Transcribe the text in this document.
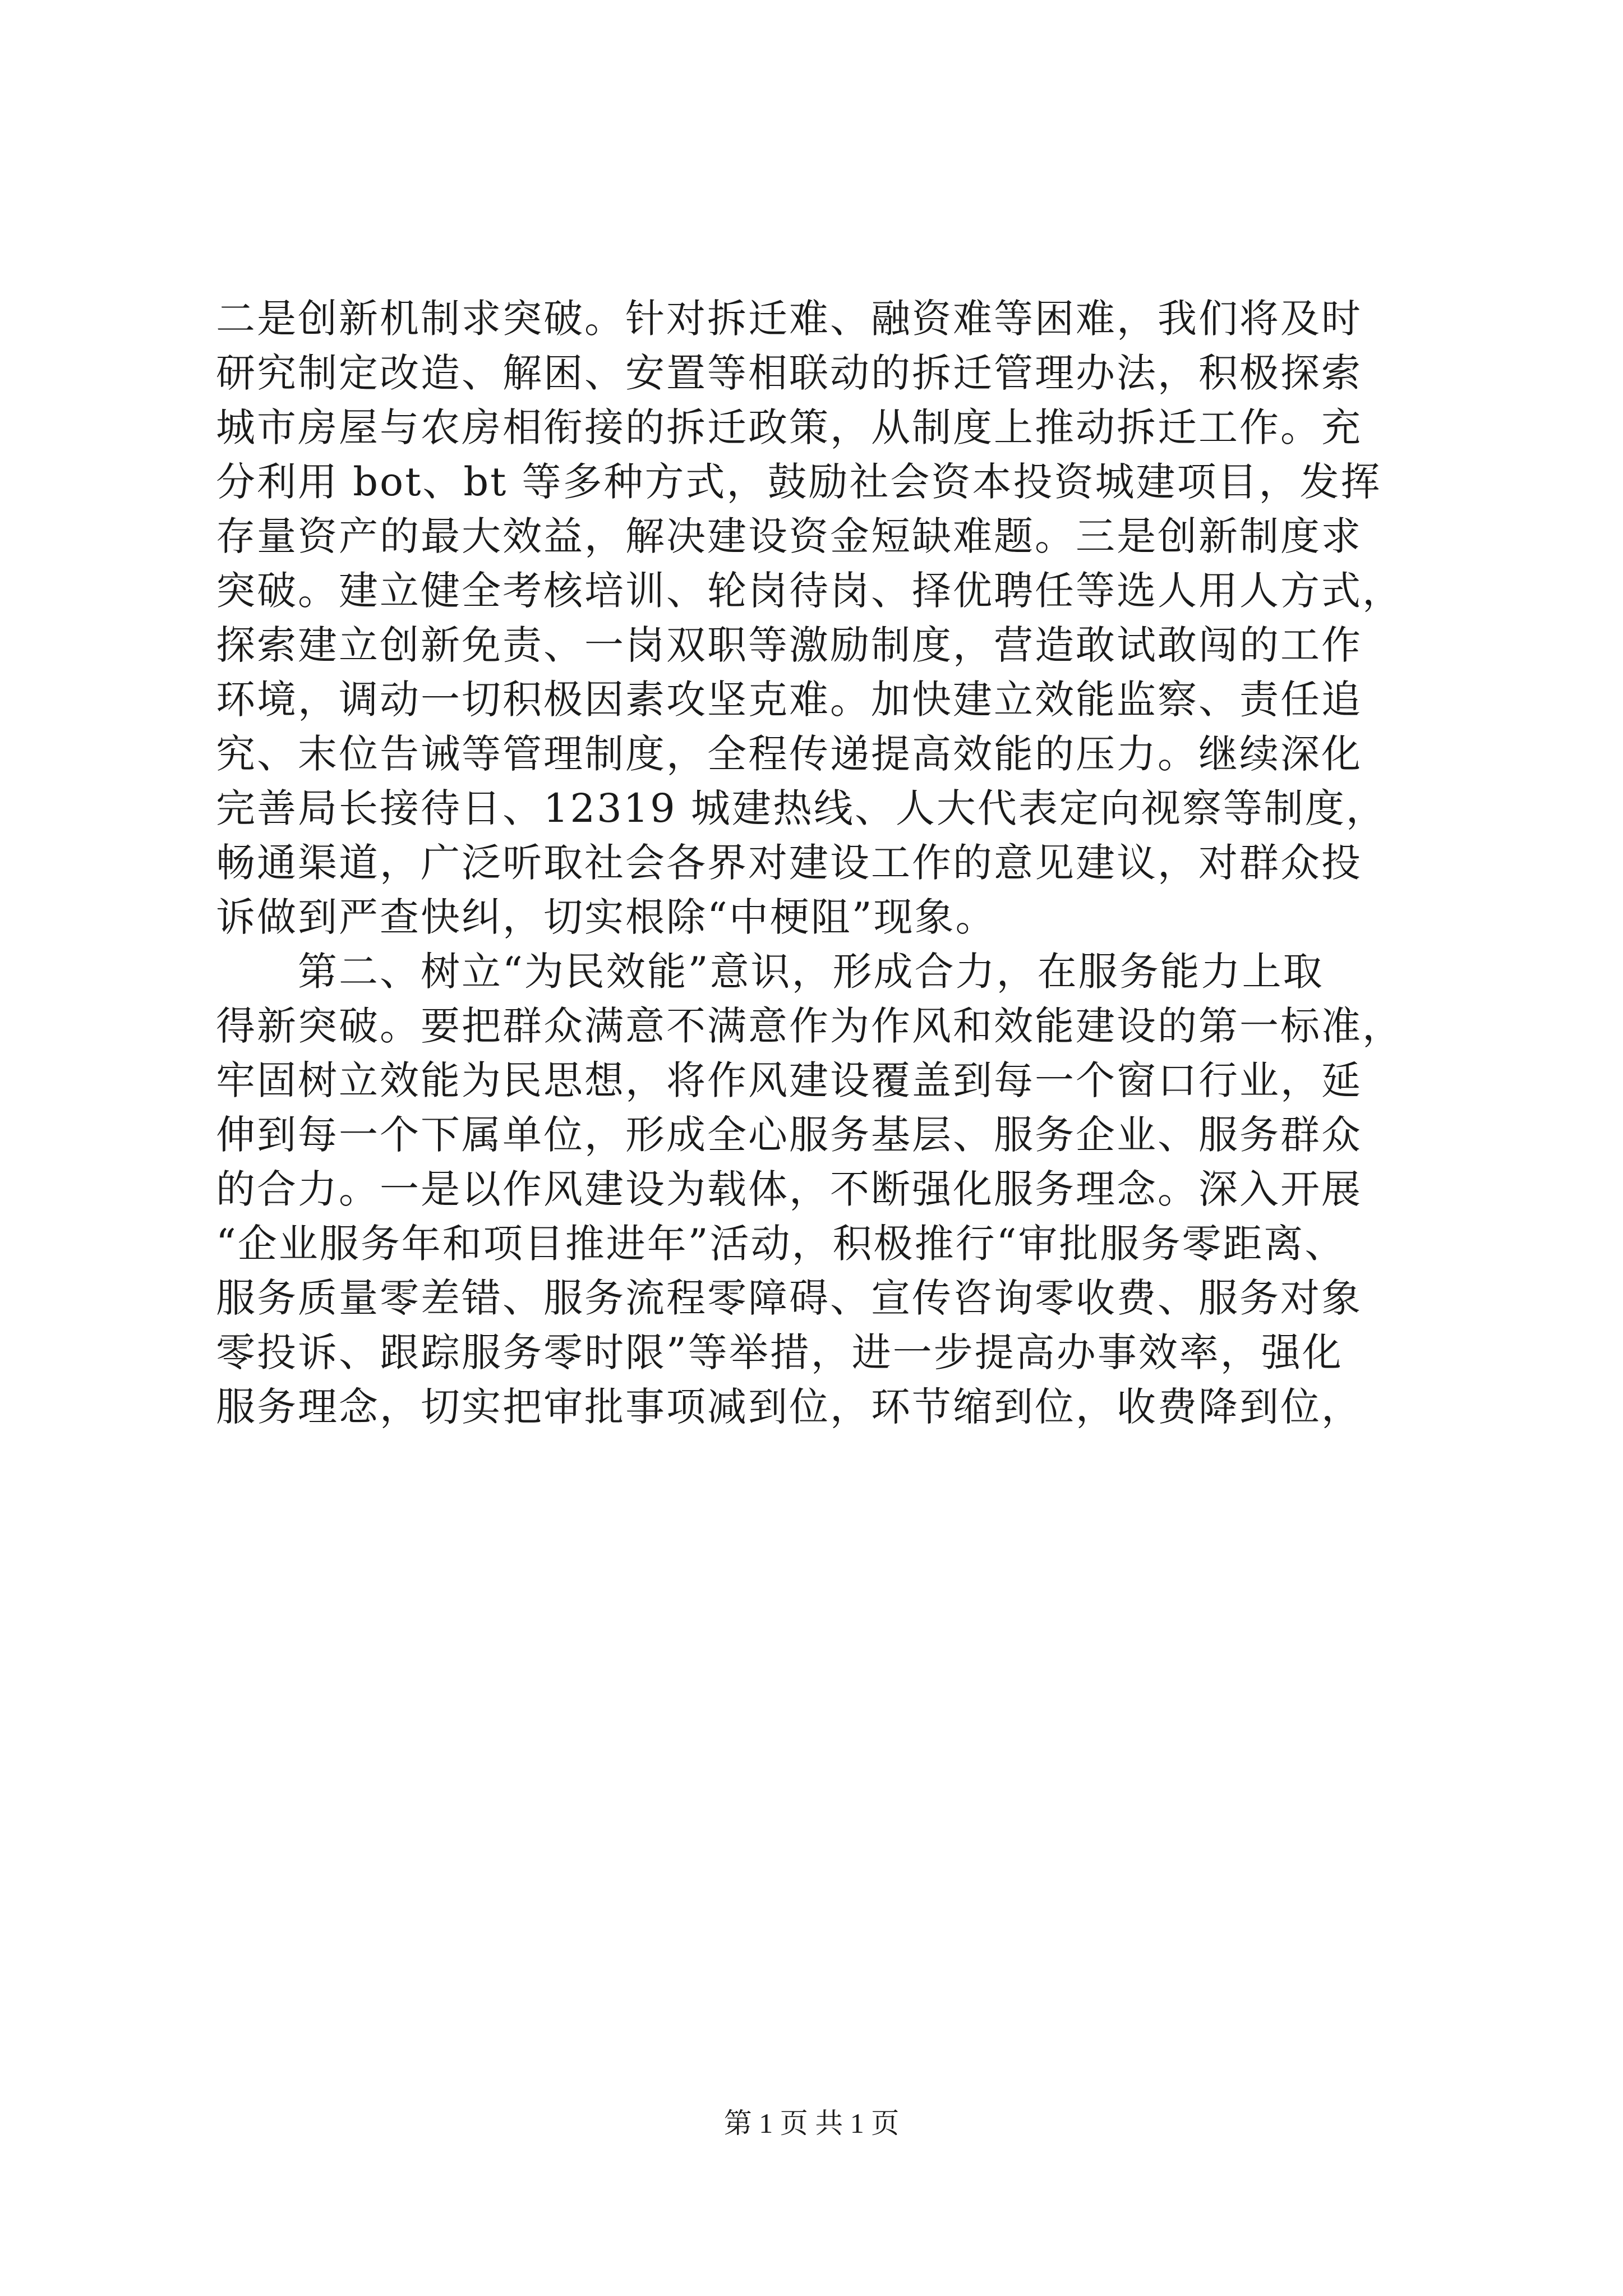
二是创新机制求突破。针对拆迁难、融资难等困难，我们将及时
研究制定改造、解困、安置等相联动的拆迁管理办法，积极探索
城市房屋与农房相衔接的拆迁政策，从制度上推动拆迁工作。充
分利用 bot、bt 等多种方式，鼓励社会资本投资城建项目，发挥
存量资产的最大效益，解决建设资金短缺难题。三是创新制度求
突破。建立健全考核培训、轮岗待岗、择优聘任等选人用人方式，
探索建立创新免责、一岗双职等激励制度，营造敢试敢闯的工作
环境，调动一切积极因素攻坚克难。加快建立效能监察、责任追
究、末位告诫等管理制度，全程传递提高效能的压力。继续深化
完善局长接待日、12319 城建热线、人大代表定向视察等制度，
畅通渠道，广泛听取社会各界对建设工作的意见建议，对群众投
诉做到严查快纠，切实根除“中梗阻”现象。
　　第二、树立“为民效能”意识，形成合力，在服务能力上取
得新突破。要把群众满意不满意作为作风和效能建设的第一标准，
牢固树立效能为民思想，将作风建设覆盖到每一个窗口行业，延
伸到每一个下属单位，形成全心服务基层、服务企业、服务群众
的合力。一是以作风建设为载体，不断强化服务理念。深入开展
“企业服务年和项目推进年”活动，积极推行“审批服务零距离、
服务质量零差错、服务流程零障碍、宣传咨询零收费、服务对象
零投诉、跟踪服务零时限”等举措，进一步提高办事效率，强化
服务理念，切实把审批事项减到位，环节缩到位，收费降到位，
第 1 页 共 1 页
